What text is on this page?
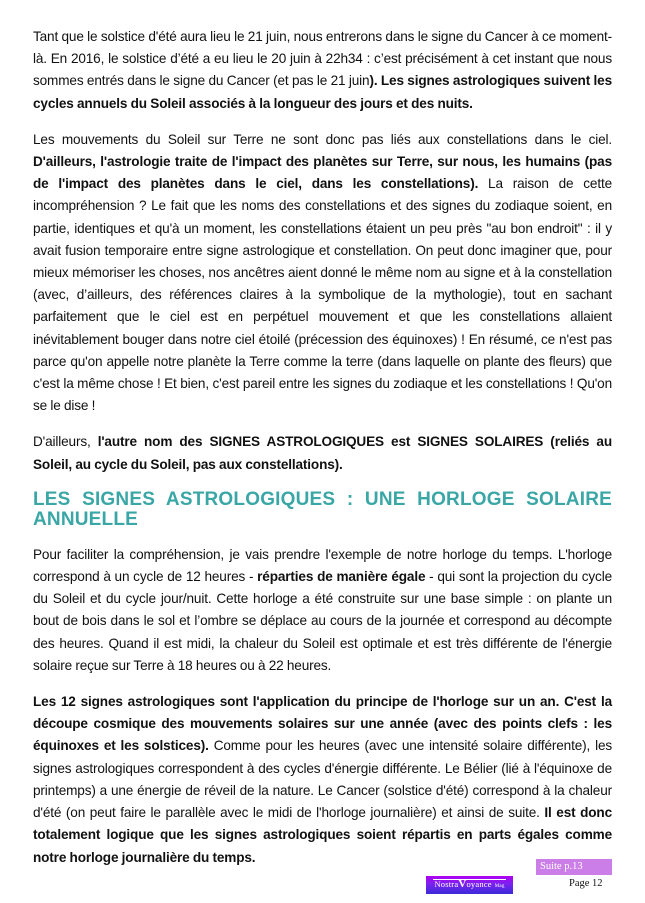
Tant que le solstice d'été aura lieu le 21 juin, nous entrerons dans le signe du Cancer à ce moment-là. En 2016, le solstice d’été a eu lieu le 20 juin à 22h34 : c’est précisément à cet instant que nous sommes entrés dans le signe du Cancer (et pas le 21 juin). Les signes astrologiques suivent les cycles annuels du Soleil associés à la longueur des jours et des nuits.

Les mouvements du Soleil sur Terre ne sont donc pas liés aux constellations dans le ciel. D'ailleurs, l'astrologie traite de l'impact des planètes sur Terre, sur nous, les humains (pas de l'impact des planètes dans le ciel, dans les constellations). La raison de cette incompréhension ? Le fait que les noms des constellations et des signes du zodiaque soient, en partie, identiques et qu'à un moment, les constellations étaient un peu près "au bon endroit" : il y avait fusion temporaire entre signe astrologique et constellation. On peut donc imaginer que, pour mieux mémoriser les choses, nos ancêtres aient donné le même nom au signe et à la constellation (avec, d’ailleurs, des références claires à la symbolique de la mythologie), tout en sachant parfaitement que le ciel est en perpétuel mouvement et que les constellations allaient inévitablement bouger dans notre ciel étoilé (précession des équinoxes) ! En résumé, ce n'est pas parce qu'on appelle notre planète la Terre comme la terre (dans laquelle on plante des fleurs) que c'est la même chose ! Et bien, c'est pareil entre les signes du zodiaque et les constellations ! Qu'on se le dise !

D'ailleurs, l'autre nom des SIGNES ASTROLOGIQUES est SIGNES SOLAIRES (reliés au Soleil, au cycle du Soleil, pas aux constellations).

LES SIGNES ASTROLOGIQUES : UNE HORLOGE SOLAIRE
ANNUELLE

Pour faciliter la compréhension, je vais prendre l'exemple de notre horloge du temps. L'horloge correspond à un cycle de 12 heures - réparties de manière égale - qui sont la projection du cycle du Soleil et du cycle jour/nuit. Cette horloge a été construite sur une base simple : on plante un bout de bois dans le sol et l’ombre se déplace au cours de la journée et correspond au décompte des heures. Quand il est midi, la chaleur du Soleil est optimale et est très différente de l'énergie solaire reçue sur Terre à 18 heures ou à 22 heures.

Les 12 signes astrologiques sont l'application du principe de l'horloge sur un an. C'est la découpe cosmique des mouvements solaires sur une année (avec des points clefs : les équinoxes et les solstices). Comme pour les heures (avec une intensité solaire différente), les signes astrologiques correspondent à des cycles d'énergie différente. Le Bélier (lié à l'équinoxe de printemps) a une énergie de réveil de la nature. Le Cancer (solstice d'été) correspond à la chaleur d'été (on peut faire le parallèle avec le midi de l'horloge journalière) et ainsi de suite. Il est donc totalement logique que les signes astrologiques soient répartis en parts égales comme notre horloge journalière du temps.

Suite p.13
NostraVoyance Mag	Page 12
